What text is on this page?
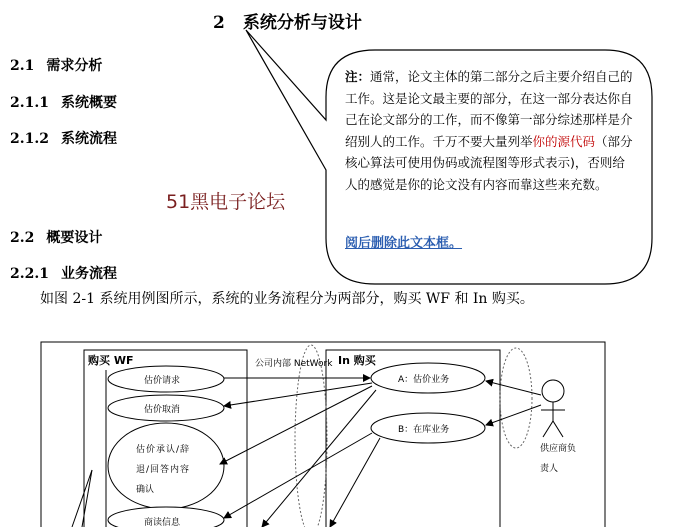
2 系统分析与设计
2.1 需求分析
2.1.1 系统概要
2.1.2 系统流程
51黑电子论坛
2.2 概要设计
2.2.1 业务流程
如图 2-1 系统用例图所示，系统的业务流程分为两部分，购买 WF 和 In 购买。
注：通常，论文主体的第二部分之后主要介绍自己的工作。这是论文最主要的部分，在这一部分表达你自己在论文部分的工作，而不像第一部分综述那样是介绍别人的工作。千万不要大量列举你的源代码（部分核心算法可使用伪码或流程图等形式表示)，否则给人的感觉是你的论文没有内容而靠这些来充数。
阅后删除此文本框。
购买 WF	In 购买
公司内部 NetWork
估价请求
估价取消
估价承认/辞
退/回答内容
确认
商读信息
A：估价业务
B：在库业务
供应商负
责人
